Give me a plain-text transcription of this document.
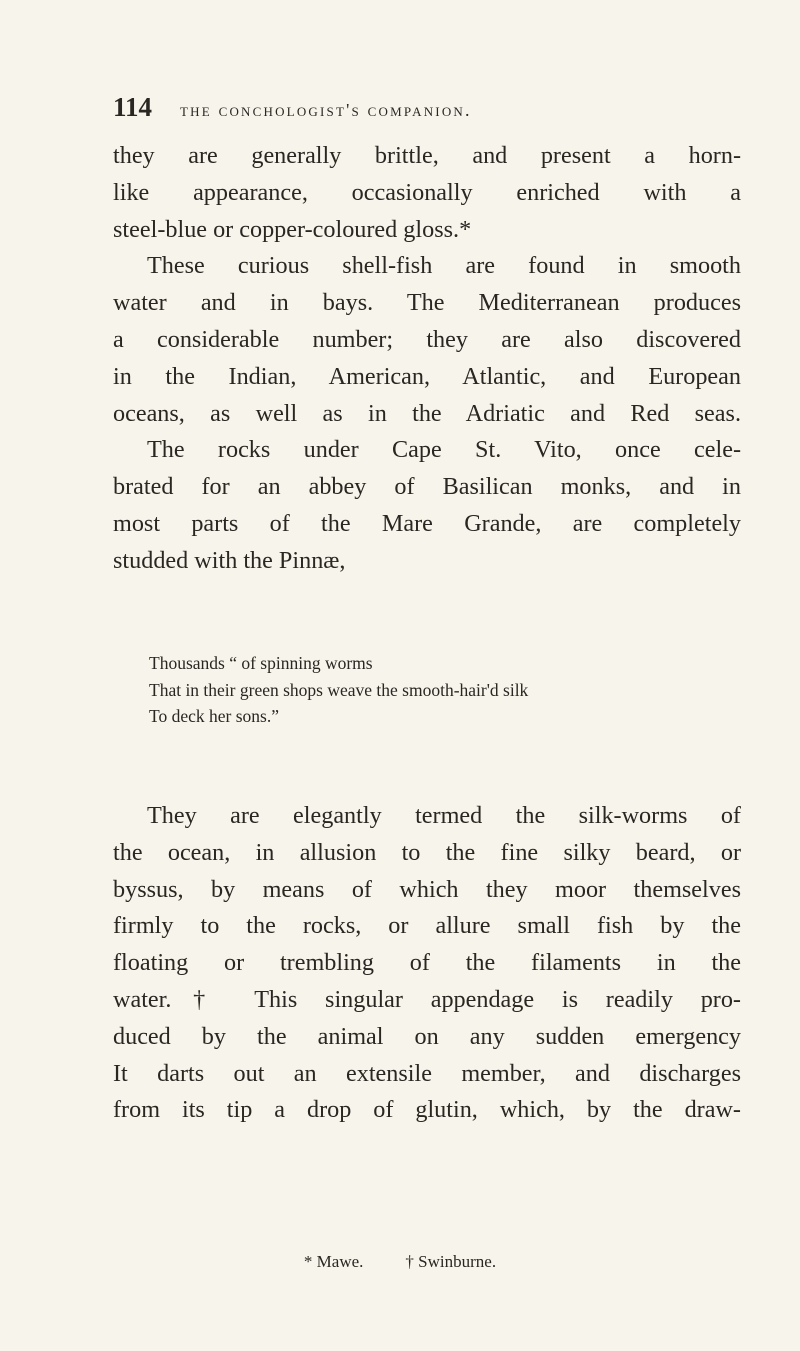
114 the conchologist's companion.

they are generally brittle, and present a horn-
like appearance, occasionally enriched with a
steel-blue or copper-coloured gloss.*

These curious shell-fish are found in smooth
water and in bays. The Mediterranean produces
a considerable number; they are also discovered
in the Indian, American, Atlantic, and European
oceans, as well as in the Adriatic and Red seas.

The rocks under Cape St. Vito, once cele-
brated for an abbey of Basilican monks, and in
most parts of the Mare Grande, are completely
studded with the Pinnæ,

Thousands “ of spinning worms
That in their green shops weave the smooth-hair'd silk
To deck her sons.”

They are elegantly termed the silk-worms of
the ocean, in allusion to the fine silky beard, or
byssus, by means of which they moor themselves
firmly to the rocks, or allure small fish by the
floating or trembling of the filaments in the
water.† This singular appendage is readily pro-
duced by the animal on any sudden emergency
It darts out an extensile member, and discharges
from its tip a drop of glutin, which, by the draw-

* Mawe. † Swinburne.
